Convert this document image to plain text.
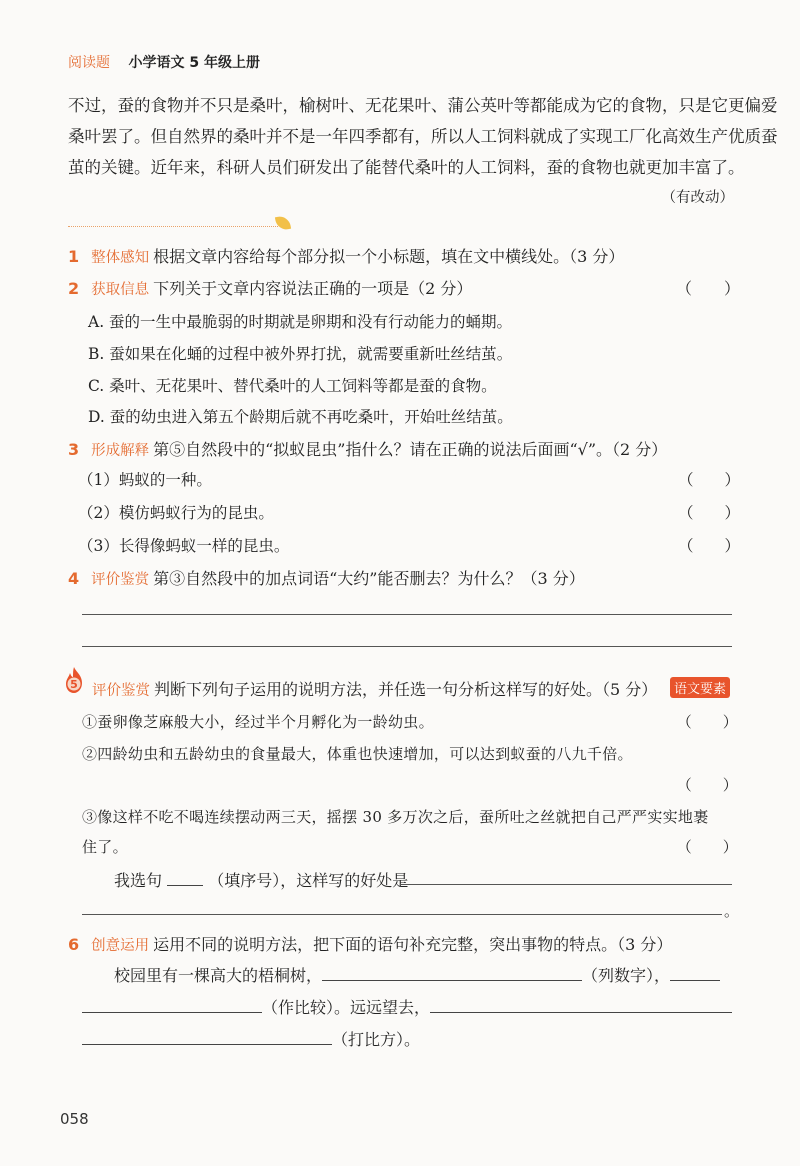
阅读题 小学语文 5 年级上册
不过，蚕的食物并不只是桑叶，榆树叶、无花果叶、蒲公英叶等都能成为它的食物，只是它更偏爱
桑叶罢了。但自然界的桑叶并不是一年四季都有，所以人工饲料就成了实现工厂化高效生产优质蚕
茧的关键。近年来，科研人员们研发出了能替代桑叶的人工饲料，蚕的食物也就更加丰富了。
（有改动）
1 整体感知 根据文章内容给每个部分拟一个小标题，填在文中横线处。（3 分）
2 获取信息 下列关于文章内容说法正确的一项是（2 分）	（　　）
A. 蚕的一生中最脆弱的时期就是卵期和没有行动能力的蛹期。
B. 蚕如果在化蛹的过程中被外界打扰，就需要重新吐丝结茧。
C. 桑叶、无花果叶、替代桑叶的人工饲料等都是蚕的食物。
D. 蚕的幼虫进入第五个龄期后就不再吃桑叶，开始吐丝结茧。
3 形成解释 第⑤自然段中的“拟蚁昆虫”指什么？请在正确的说法后面画“√”。（2 分）
（1）蚂蚁的一种。	（　　）
（2）模仿蚂蚁行为的昆虫。	（　　）
（3）长得像蚂蚁一样的昆虫。	（　　）
4 评价鉴赏 第③自然段中的加点词语“大约”能否删去？为什么？（3 分）
5 评价鉴赏 判断下列句子运用的说明方法，并任选一句分析这样写的好处。（5 分）	语文要素
①蚕卵像芝麻般大小，经过半个月孵化为一龄幼虫。	（　　）
②四龄幼虫和五龄幼虫的食量最大，体重也快速增加，可以达到蚁蚕的八九千倍。
（　　）
③像这样不吃不喝连续摆动两三天，摇摆 30 多万次之后，蚕所吐之丝就把自己严严实实地裹
住了。	（　　）
我选句	（填序号），这样写的好处是
。
6 创意运用 运用不同的说明方法，把下面的语句补充完整，突出事物的特点。（3 分）
校园里有一棵高大的梧桐树，	（列数字），
（作比较）。远远望去，
（打比方）。
058
